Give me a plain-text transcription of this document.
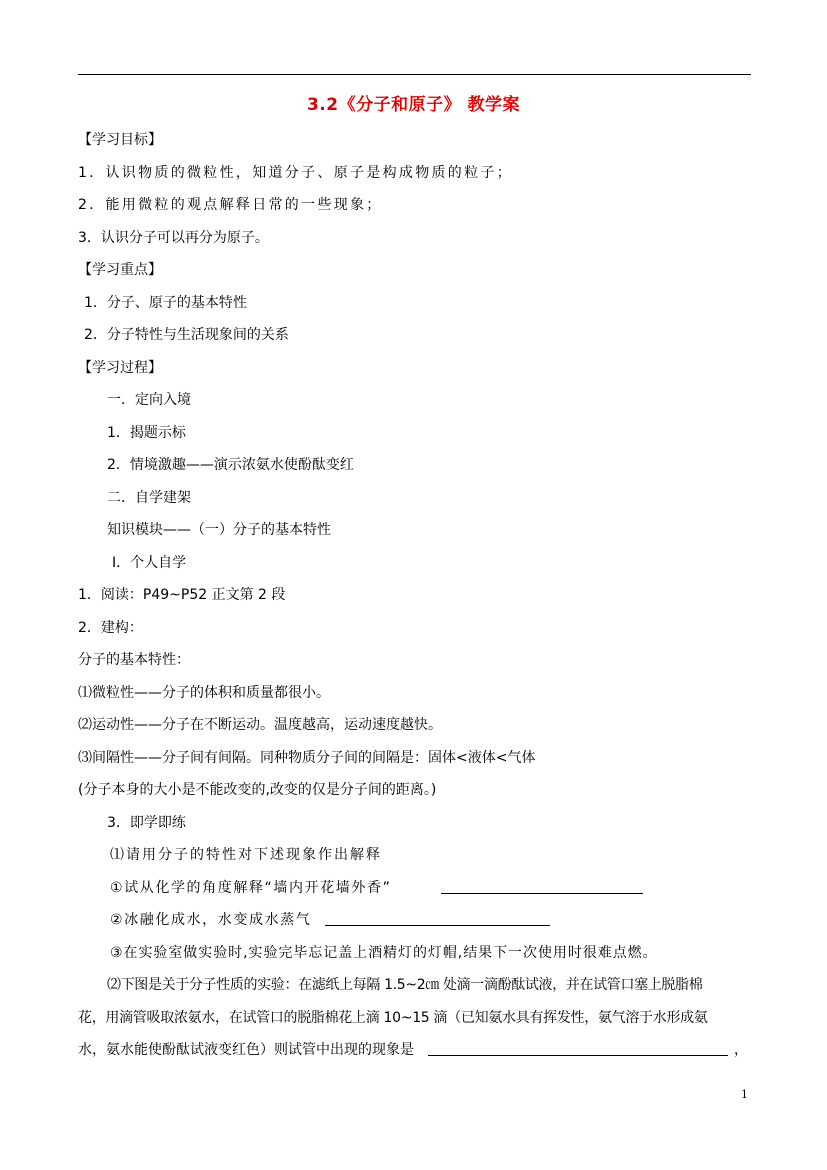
3.2《分子和原子》 教学案
【学习目标】
1．认识物质的微粒性，知道分子、原子是构成物质的粒子；
2．能用微粒的观点解释日常的一些现象；
3．认识分子可以再分为原子。
【学习重点】
1．分子、原子的基本特性
2．分子特性与生活现象间的关系
【学习过程】
一．定向入境
1．揭题示标
2．情境激趣——演示浓氨水使酚酞变红
二．自学建架
知识模块——（一）分子的基本特性
Ⅰ．个人自学
1．阅读：P49~P52 正文第 2 段
2．建构：
分子的基本特性：
⑴微粒性——分子的体积和质量都很小。
⑵运动性——分子在不断运动。温度越高，运动速度越快。
⑶间隔性——分子间有间隔。同种物质分子间的间隔是：固体<液体<气体
(分子本身的大小是不能改变的,改变的仅是分子间的距离。)
3．即学即练
⑴请用分子的特性对下述现象作出解释
①试从化学的角度解释“墙内开花墙外香”
②冰融化成水，水变成水蒸气
③在实验室做实验时,实验完毕忘记盖上酒精灯的灯帽,结果下一次使用时很难点燃。
⑵下图是关于分子性质的实验：在滤纸上每隔 1.5~2㎝ 处滴一滴酚酞试液，并在试管口塞上脱脂棉
花，用滴管吸取浓氨水，在试管口的脱脂棉花上滴 10~15 滴（已知氨水具有挥发性，氨气溶于水形成氨
水，氨水能使酚酞试液变红色）则试管中出现的现象是	，
1
